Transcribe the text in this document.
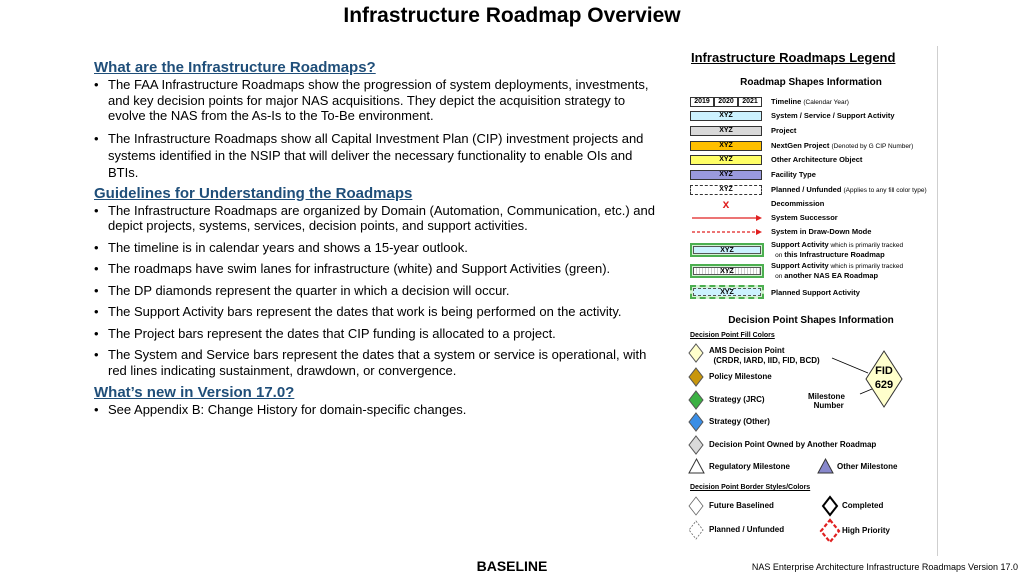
Infrastructure Roadmap Overview
What are the Infrastructure Roadmaps?
• The FAA Infrastructure Roadmaps show the progression of system deployments, investments, and key decision points for major NAS acquisitions. They depict the acquisition strategy to evolve the NAS from the As-Is to the To-Be environment.
• The Infrastructure Roadmaps show all Capital Investment Plan (CIP) investment projects and systems identified in the NSIP that will deliver the necessary functionality to enable OIs and BTIs.
Guidelines for Understanding the Roadmaps
• The Infrastructure Roadmaps are organized by Domain (Automation, Communication, etc.) and depict projects, systems, services, decision points, and support activities.
• The timeline is in calendar years and shows a 15-year outlook.
• The roadmaps have swim lanes for infrastructure (white) and Support Activities (green).
• The DP diamonds represent the quarter in which a decision will occur.
• The Support Activity bars represent the dates that work is being performed on the activity.
• The Project bars represent the dates that CIP funding is allocated to a project.
• The System and Service bars represent the dates that a system or service is operational, with red lines indicating sustainment, drawdown, or convergence.
What’s new in Version 17.0?
• See Appendix B: Change History for domain-specific changes.
Infrastructure Roadmaps Legend
Roadmap Shapes Information
2019	2020	2021	Timeline (Calendar Year)
XYZ	System / Service / Support Activity
XYZ	Project
XYZ	NextGen Project (Denoted by G CIP Number)
XYZ	Other Architecture Object
XYZ	Facility Type
XYZ	Planned / Unfunded (Applies to any fill color type)
x	Decommission
System Successor
System in Draw-Down Mode
XYZ
Support Activity which is primarily tracked
on this Infrastructure Roadmap
XYZ
Support Activity which is primarily tracked
on another NAS EA Roadmap
XYZ	Planned Support Activity
Decision Point Shapes Information
Decision Point Fill Colors
AMS Decision Point
(CRDR, IARD, IID, FID, BCD)
Policy Milestone
Strategy (JRC)
Strategy (Other)
Decision Point Owned by Another Roadmap
Regulatory Milestone	Other Milestone
FID
629
Milestone
Number
Decision Point Border Styles/Colors
Future Baselined	Completed
Planned / Unfunded	High Priority
BASELINE	NAS Enterprise Architecture Infrastructure Roadmaps Version 17.0
